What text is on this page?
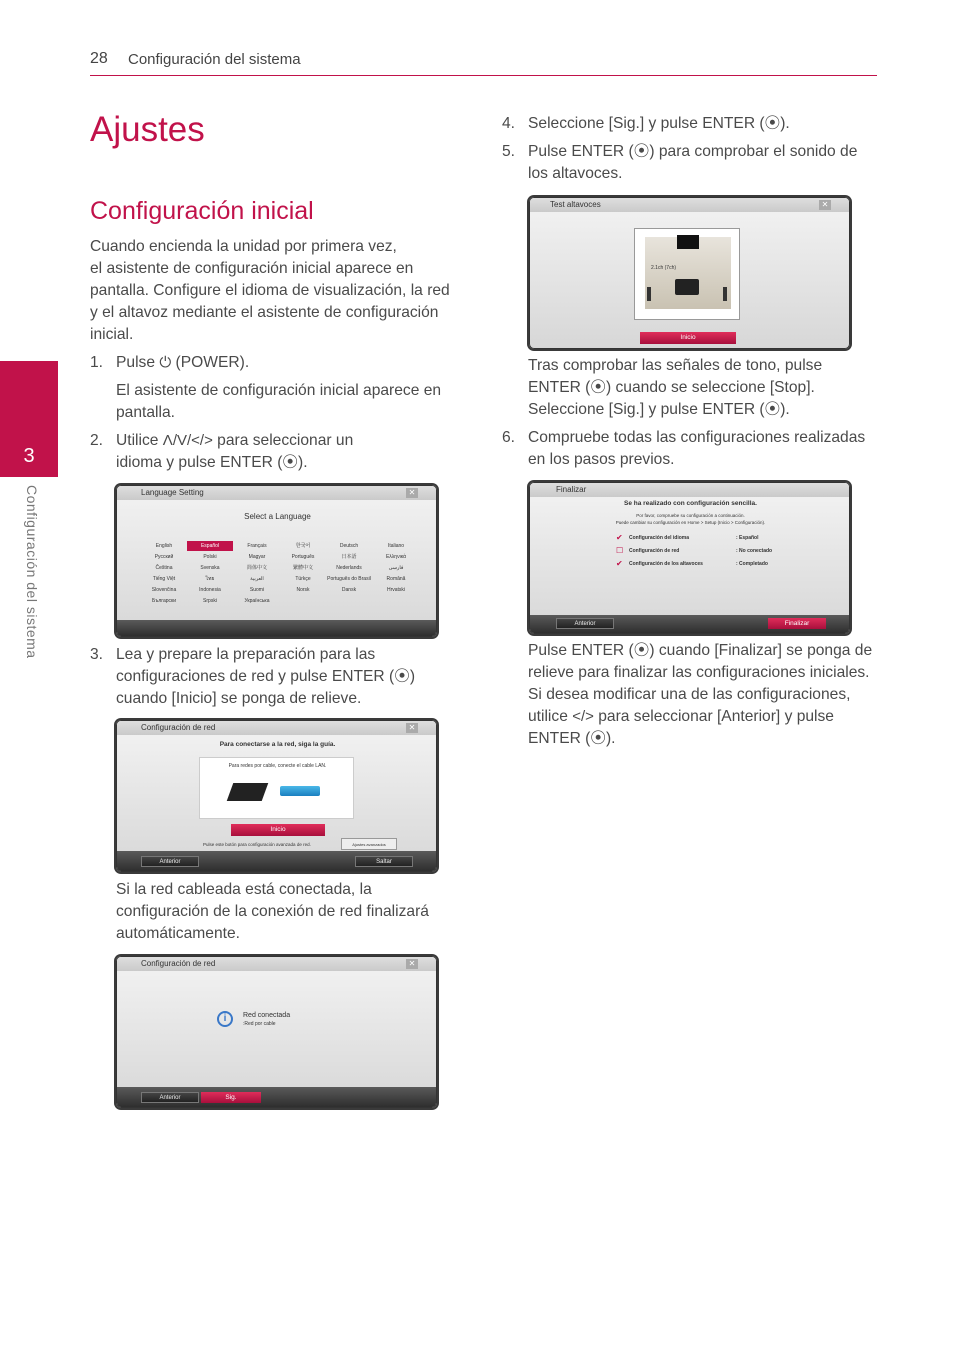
28 Configuración del sistema
3
Configuración del sistema
Ajustes
Configuración inicial
Cuando encienda la unidad por primera vez,
el asistente de configuración inicial aparece en
pantalla. Configure el idioma de visualización, la red
y el altavoz mediante el asistente de configuración
inicial.
1. Pulse ⏻ (POWER).
El asistente de configuración inicial aparece en
pantalla.
2. Utilice Λ/V/</> para seleccionar un
idioma y pulse ENTER (⦿).
Language Setting	✕
Select a Language
English	Español	Français	한국어	Deutsch	Italiano
Русский	Polski	Magyar	Português	日本語	Ελληνικά
Čeština	Svenska	简体中文	繁體中文	Nederlands	فارسی
Tiếng Việt	ไทย	العربية	Türkçe	Português do Brasil	Română
Slovenčina	Indonesia	Suomi	Norsk	Dansk	Hrvatski
Български	Srpski	Українська
3. Lea y prepare la preparación para las
configuraciones de red y pulse ENTER (⦿)
cuando [Inicio] se ponga de relieve.
Configuración de red	✕
Para conectarse a la red, siga la guía.
Para redes por cable, conecte el cable LAN.
Inicio
Pulse este botón para configuración avanzada de red.	Ajustes avanzados
Anterior	Saltar
Si la red cableada está conectada, la
configuración de la conexión de red finalizará
automáticamente.
Configuración de red	✕
i	Red conectada
:Red por cable
Anterior	Sig.
4. Seleccione [Sig.] y pulse ENTER (⦿).
5. Pulse ENTER (⦿) para comprobar el sonido de
los altavoces.
Test altavoces	✕
2.1ch (7ch)
Inicio
Tras comprobar las señales de tono, pulse
ENTER (⦿) cuando se seleccione [Stop].
Seleccione [Sig.] y pulse ENTER (⦿).
6. Compruebe todas las configuraciones realizadas
en los pasos previos.
Finalizar
Se ha realizado con configuración sencilla.
Por favor, compruebe su configuración a continuación.
Puede cambiar su configuración en Home > Setup (Inicio > Configuración).
✔ Configuración del idioma	: Español
☐ Configuración de red	: No conectado
✔ Configuración de los altavoces	: Completado
Anterior	Finalizar
Pulse ENTER (⦿) cuando [Finalizar] se ponga de
relieve para finalizar las configuraciones iniciales.
Si desea modificar una de las configuraciones,
utilice </> para seleccionar [Anterior] y pulse
ENTER (⦿).
